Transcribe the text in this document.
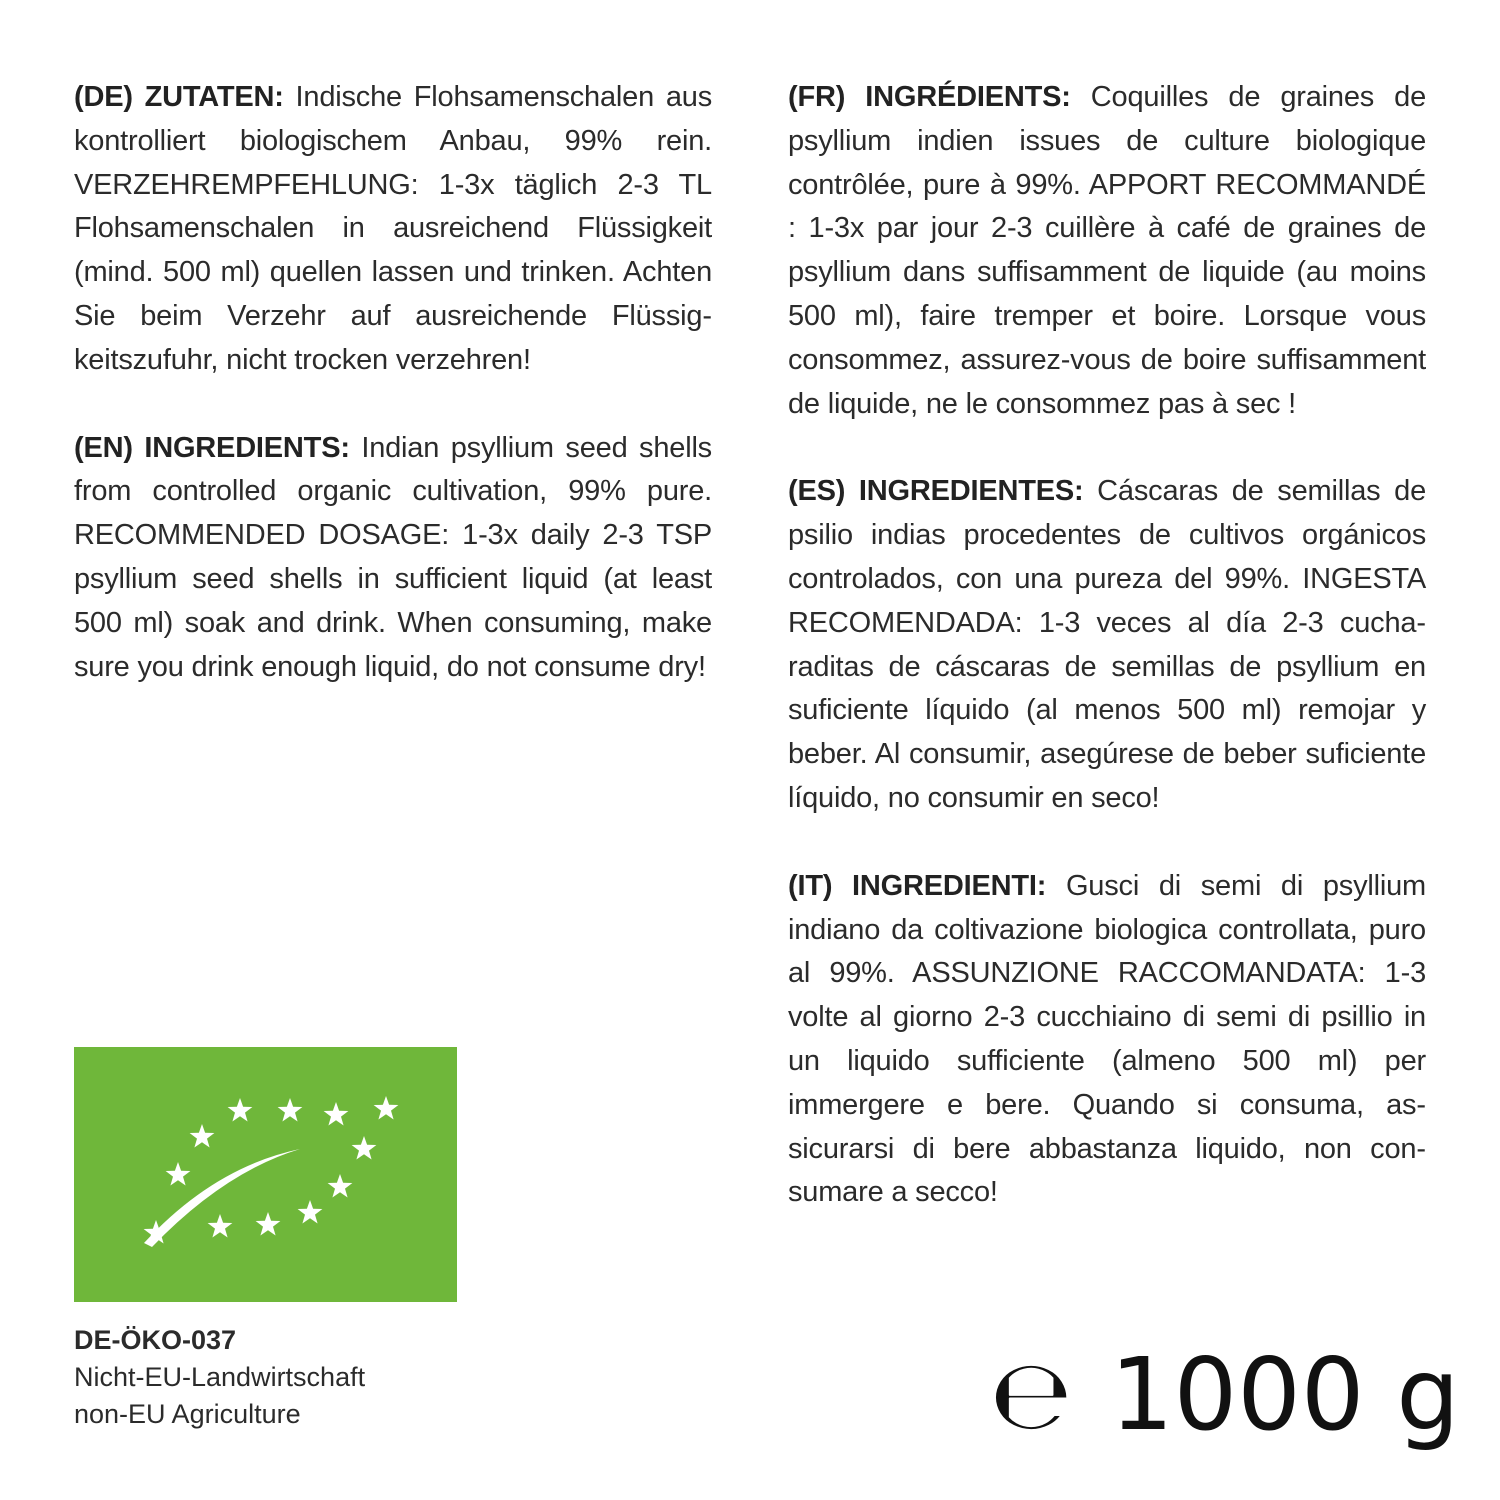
(DE) ZUTATEN: Indische Flohsamenschalen aus kontrolliert biologischem Anbau, 99% rein. VERZEHREMPFEHLUNG: 1-3x täglich 2-3 TL Flohsamenschalen in ausreichend Flüssigkeit (mind. 500 ml) quellen lassen und trinken. Achten Sie beim Verzehr auf ausreichende Flüssigkeitszufuhr, nicht trocken verzehren!

(EN) INGREDIENTS: Indian psyllium seed shells from controlled organic cultivation, 99% pure. RECOMMENDED DOSAGE: 1-3x daily 2-3 TSP psyllium seed shells in sufficient liquid (at least 500 ml) soak and drink. When consuming, make sure you drink enough liquid, do not consume dry!

(FR) INGRÉDIENTS: Coquilles de graines de psyllium indien issues de culture biologique contrôlée, pure à 99%. APPORT RECOMMANDÉ : 1-3x par jour 2-3 cuillère à café de graines de psyllium dans suffisamment de liquide (au moins 500 ml), faire tremper et boire. Lorsque vous consommez, assurez-vous de boire suffisamment de liquide, ne le consommez pas à sec !

(ES) INGREDIENTES: Cáscaras de semillas de psilio indias procedentes de cultivos orgánicos controlados, con una pureza del 99%. INGESTA RECOMENDADA: 1-3 veces al día 2-3 cucharaditas de cáscaras de semillas de psyllium en suficiente líquido (al menos 500 ml) remojar y beber. Al consumir, asegúrese de beber suficiente líquido, no consumir en seco!

(IT) INGREDIENTI: Gusci di semi di psyllium indiano da coltivazione biologica controllata, puro al 99%. ASSUNZIONE RACCOMANDATA: 1-3 volte al giorno 2-3 cucchiaino di semi di psillio in un liquido sufficiente (almeno 500 ml) per immergere e bere. Quando si consuma, assicurarsi di bere abbastanza liquido, non consumare a secco!

DE-ÖKO-037
Nicht-EU-Landwirtschaft
non-EU Agriculture	℮ 1000 g
